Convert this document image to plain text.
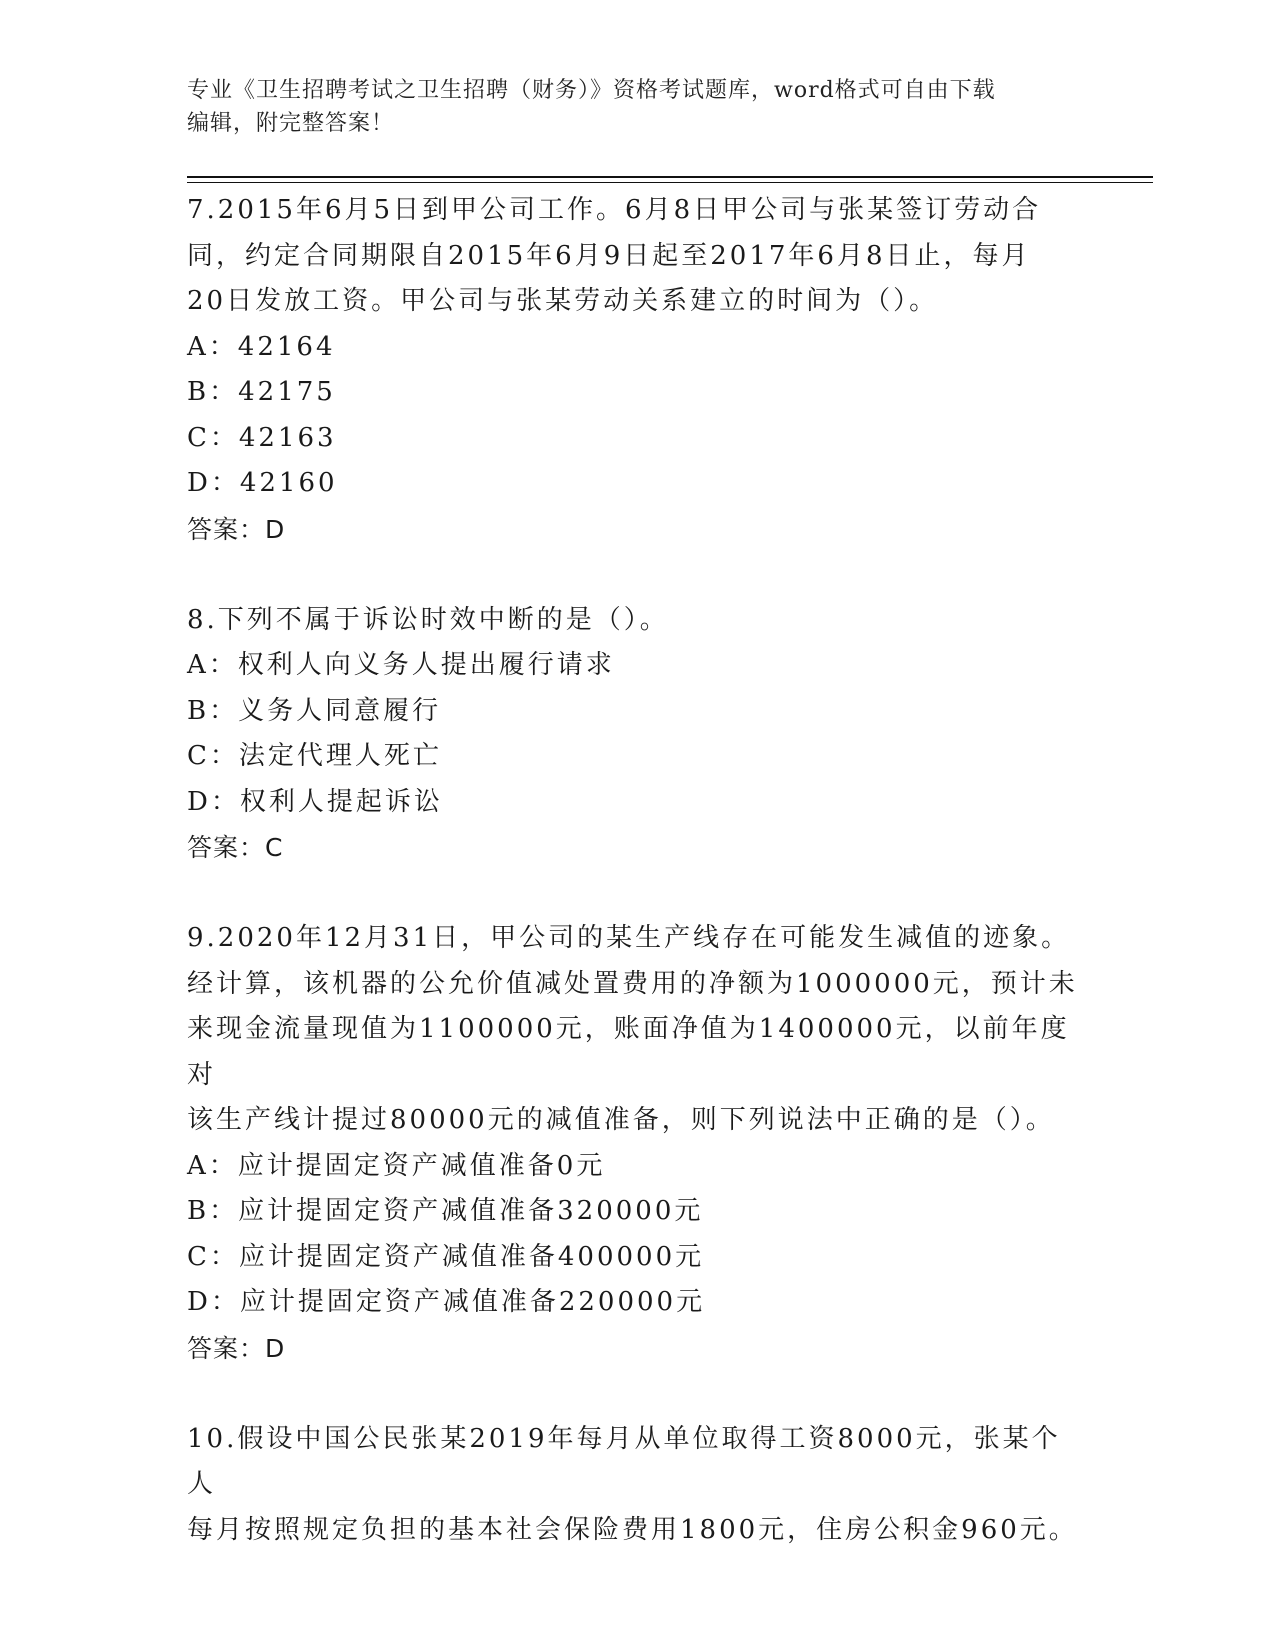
专业《卫生招聘考试之卫生招聘（财务）》资格考试题库，word格式可自由下载
编辑，附完整答案！
7.2015年6月5日到甲公司工作。6月8日甲公司与张某签订劳动合
同，约定合同期限自2015年6月9日起至2017年6月8日止，每月
20日发放工资。甲公司与张某劳动关系建立的时间为（）。
A：42164
B：42175
C：42163
D：42160
答案：D
8.下列不属于诉讼时效中断的是（）。
A：权利人向义务人提出履行请求
B：义务人同意履行
C：法定代理人死亡
D：权利人提起诉讼
答案：C
9.2020年12月31日，甲公司的某生产线存在可能发生减值的迹象。
经计算，该机器的公允价值减处置费用的净额为1000000元，预计未
来现金流量现值为1100000元，账面净值为1400000元，以前年度对
该生产线计提过80000元的减值准备，则下列说法中正确的是（）。
A：应计提固定资产减值准备0元
B：应计提固定资产减值准备320000元
C：应计提固定资产减值准备400000元
D：应计提固定资产减值准备220000元
答案：D
10.假设中国公民张某2019年每月从单位取得工资8000元，张某个人
每月按照规定负担的基本社会保险费用1800元，住房公积金960元。
